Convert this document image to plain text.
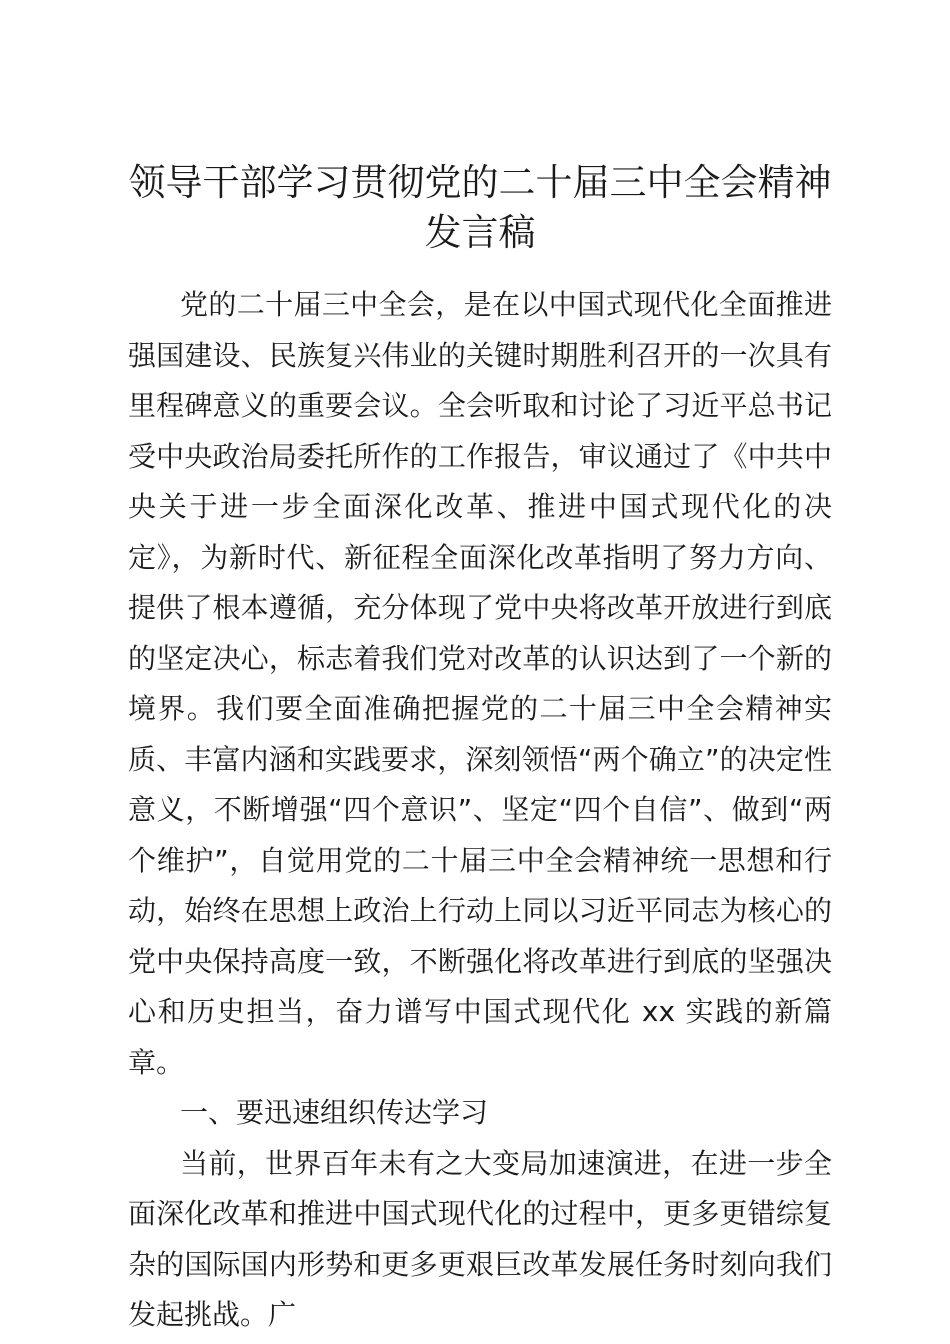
领导干部学习贯彻党的二十届三中全会精神发言稿

党的二十届三中全会，是在以中国式现代化全面推进强国建设、民族复兴伟业的关键时期胜利召开的一次具有里程碑意义的重要会议。全会听取和讨论了习近平总书记受中央政治局委托所作的工作报告，审议通过了《中共中央关于进一步全面深化改革、推进中国式现代化的决定》，为新时代、新征程全面深化改革指明了努力方向、提供了根本遵循，充分体现了党中央将改革开放进行到底的坚定决心，标志着我们党对改革的认识达到了一个新的境界。我们要全面准确把握党的二十届三中全会精神实质、丰富内涵和实践要求，深刻领悟“两个确立”的决定性意义，不断增强“四个意识”、坚定“四个自信”、做到“两个维护”，自觉用党的二十届三中全会精神统一思想和行动，始终在思想上政治上行动上同以习近平同志为核心的党中央保持高度一致，不断强化将改革进行到底的坚强决心和历史担当，奋力谱写中国式现代化 xx 实践的新篇章。

一、要迅速组织传达学习

当前，世界百年未有之大变局加速演进，在进一步全面深化改革和推进中国式现代化的过程中，更多更错综复杂的国际国内形势和更多更艰巨改革发展任务时刻向我们发起挑战。广
